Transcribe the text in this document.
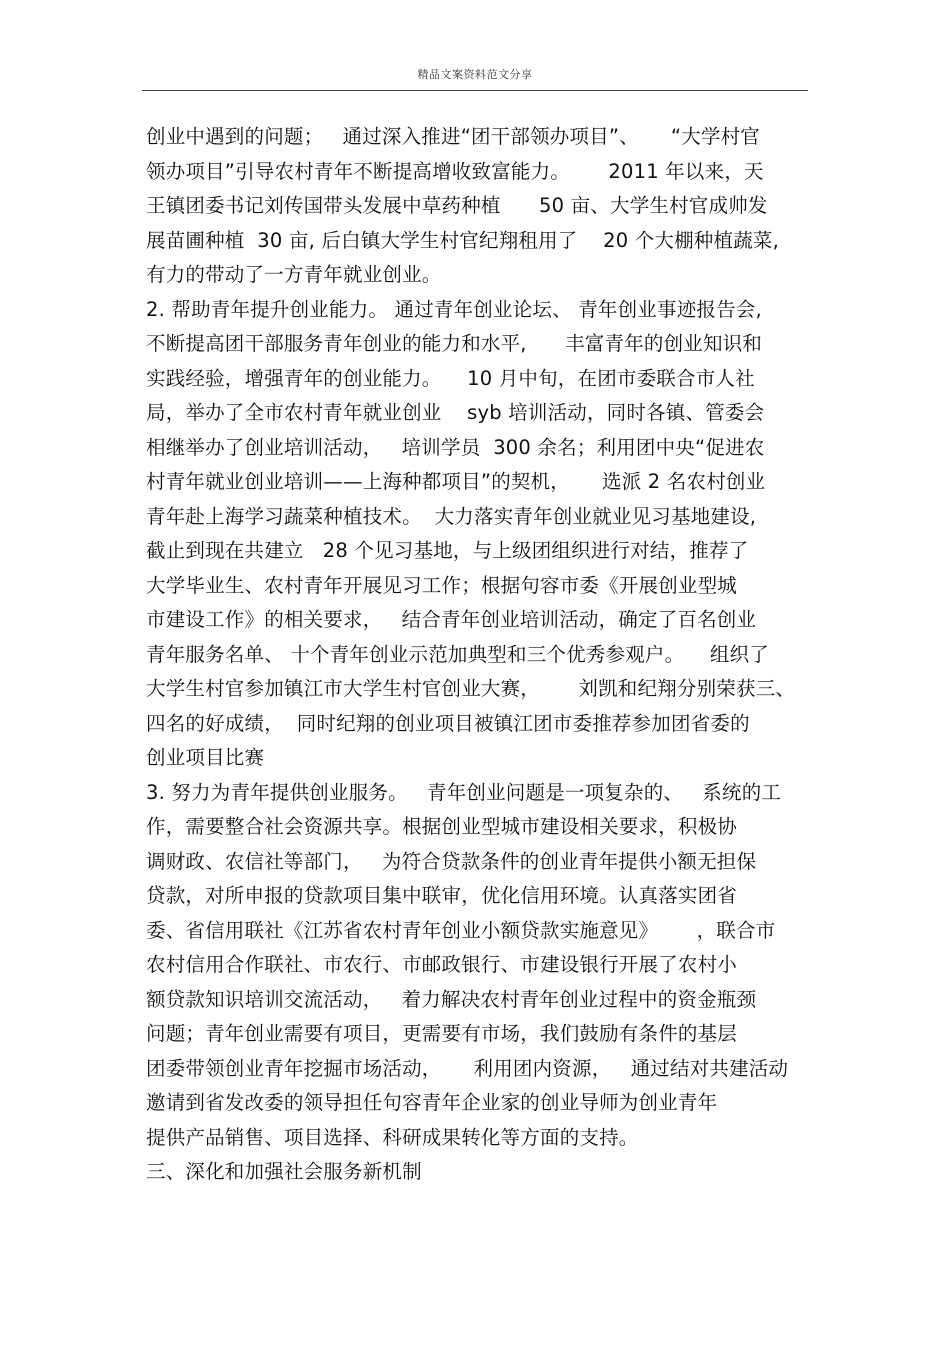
精品文案资料范文分享
创业中遇到的问题；   通过深入推进“团干部领办项目”、     “大学村官
领办项目”引导农村青年不断提高增收致富能力。      2011 年以来，天
王镇团委书记刘传国带头发展中草药种植      50 亩、大学生村官成帅发
展苗圃种植  30 亩, 后白镇大学生村官纪翔租用了    20 个大棚种植蔬菜,
有力的带动了一方青年就业创业。
2. 帮助青年提升创业能力。 通过青年创业论坛、 青年创业事迹报告会,
不断提高团干部服务青年创业的能力和水平,      丰富青年的创业知识和
实践经验，增强青年的创业能力。    10 月中旬，在团市委联合市人社
局，举办了全市农村青年就业创业    syb 培训活动，同时各镇、管委会
相继举办了创业培训活动，   培训学员  300 余名；利用团中央“促进农
村青年就业创业培训——上海种都项目”的契机，     选派 2 名农村创业
青年赴上海学习蔬菜种植技术。  大力落实青年创业就业见习基地建设,
截止到现在共建立   28 个见习基地，与上级团组织进行对结，推荐了
大学毕业生、农村青年开展见习工作；根据句容市委《开展创业型城
市建设工作》的相关要求，   结合青年创业培训活动，确定了百名创业
青年服务名单、 十个青年创业示范加典型和三个优秀参观户。    组织了
大学生村官参加镇江市大学生村官创业大赛，      刘凯和纪翔分别荣获三、
四名的好成绩，  同时纪翔的创业项目被镇江团市委推荐参加团省委的
创业项目比赛
3. 努力为青年提供创业服务。   青年创业问题是一项复杂的、   系统的工
作，需要整合社会资源共享。根据创业型城市建设相关要求，积极协
调财政、农信社等部门，   为符合贷款条件的创业青年提供小额无担保
贷款，对所申报的贷款项目集中联审，优化信用环境。认真落实团省
委、省信用联社《江苏省农村青年创业小额贷款实施意见》      ，联合市
农村信用合作联社、市农行、市邮政银行、市建设银行开展了农村小
额贷款知识培训交流活动，   着力解决农村青年创业过程中的资金瓶颈
问题；青年创业需要有项目，更需要有市场，我们鼓励有条件的基层
团委带领创业青年挖掘市场活动，     利用团内资源，   通过结对共建活动
邀请到省发改委的领导担任句容青年企业家的创业导师为创业青年
提供产品销售、项目选择、科研成果转化等方面的支持。
三、深化和加强社会服务新机制
